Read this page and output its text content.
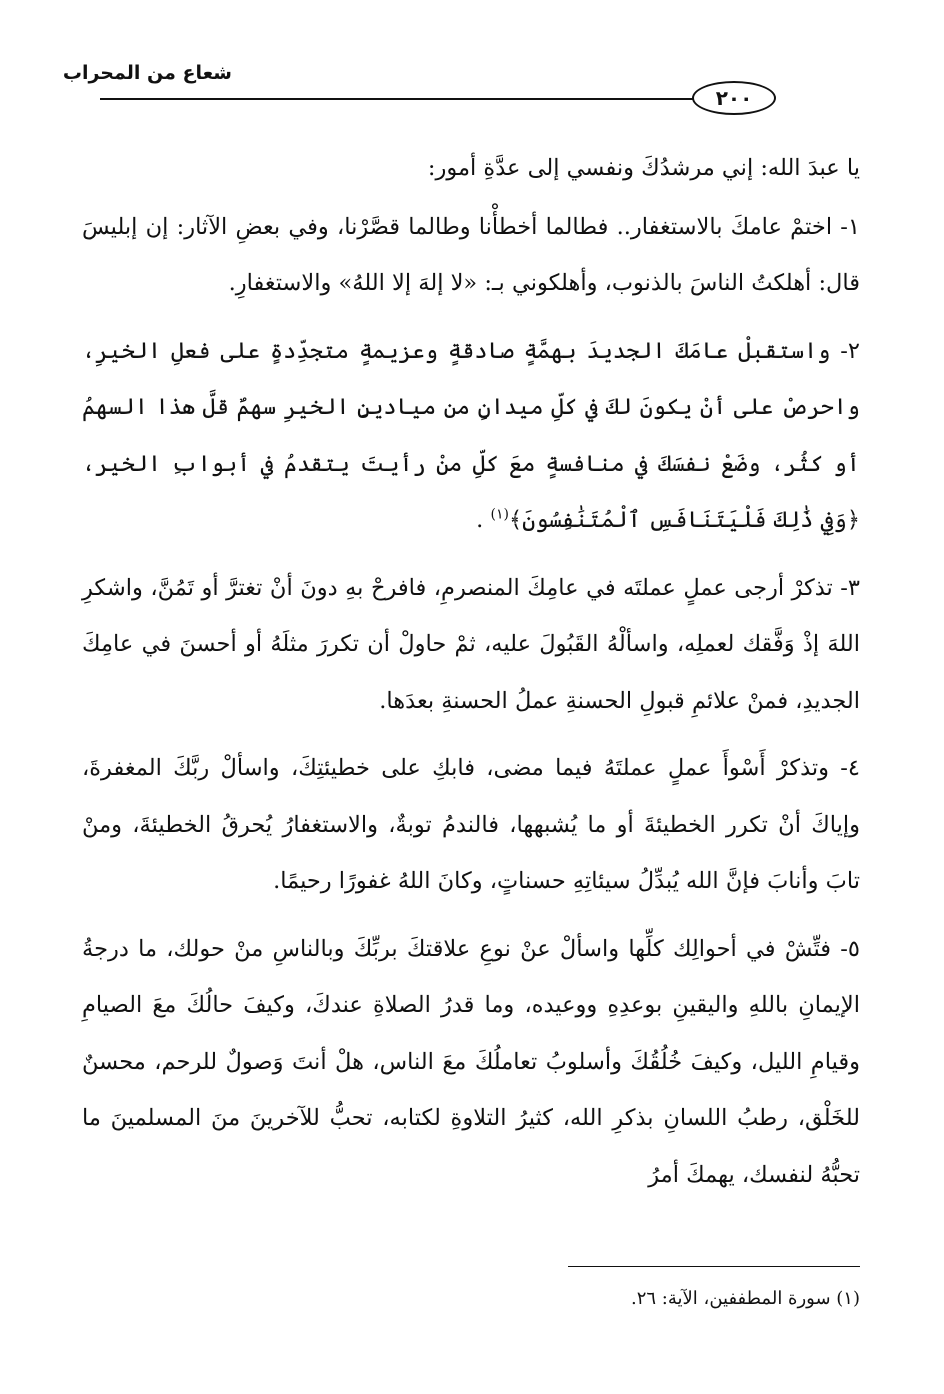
شعاع من المحراب
٢٠٠

يا عبدَ الله: إني مرشدُكَ ونفسي إلى عدَّةِ أمور:

١- اختمْ عامكَ بالاستغفار.. فطالما أخطأْنا وطالما قصَّرْنا، وفي بعضِ الآثار: إن إبليسَ قال: أهلكتُ الناسَ بالذنوب، وأهلكوني بـ: «لا إلهَ إلا اللهُ» والاستغفارِ.

٢- واستقبلْ عامَكَ الجديدَ بهمَّةٍ صادقةٍ وعزيمةٍ متجدِّدةٍ على فعلِ الخيرِ، واحرصْ على أنْ يكونَ لكَ في كلِّ ميدانٍ من ميادينِ الخيرِ سهمٌ قلَّ هذا السهمُ أو كثُر، وضَعْ نفسَكَ في منافسةٍ معَ كلِّ منْ رأيتَ يتقدمُ في أبوابِ الخير، ﴿وَفِي ذَٰلِكَ فَلْيَتَنَافَسِ ٱلْمُتَنَٰفِسُونَ﴾$^{(١)}$ .

٣- تذكرْ أرجى عملٍ عملتَه في عامِكَ المنصرمِ، فافرحْ بهِ دونَ أنْ تغترَّ أو تَمُنَّ، واشكرِ اللهَ إذْ وَفَّقك لعملِه، واسألْهُ القَبُولَ عليه، ثمْ حاولْ أن تكررَ مثلَهُ أو أحسنَ في عامِكَ الجديدِ، فمنْ علائمِ قبولِ الحسنةِ عملُ الحسنةِ بعدَها.

٤- وتذكرْ أَسْوأَ عملٍ عملتَهُ فيما مضى، فابكِ على خطيئتِكَ، واسألْ ربَّكَ المغفرةَ، وإياكَ أنْ تكرر الخطيئةَ أو ما يُشبهها، فالندمُ توبةٌ، والاستغفارُ يُحرقُ الخطيئةَ، ومنْ تابَ وأنابَ فإنَّ الله يُبدِّلُ سيئاتِهِ حسناتٍ، وكانَ اللهُ غفورًا رحيمًا.

٥- فتِّشْ في أحوالِك كلِّها واسألْ عنْ نوعِ علاقتكَ بربِّكَ وبالناسِ منْ حولك، ما درجةُ الإيمانِ باللهِ واليقينِ بوعدِهِ ووعيده، وما قدرُ الصلاةِ عندكَ، وكيفَ حالُكَ معَ الصيامِ وقيامِ الليل، وكيفَ خُلُقُكَ وأسلوبُ تعاملُكَ معَ الناس، هلْ أنتَ وَصولٌ للرحم، محسنٌ للخَلْق، رطبُ اللسانِ بذكرِ الله، كثيرُ التلاوةِ لكتابه، تحبُّ للآخرينَ منَ المسلمينَ ما تحبُّهُ لنفسك، يهمكَ أمرُ

(١) سورة المطففين، الآية: ٢٦.
